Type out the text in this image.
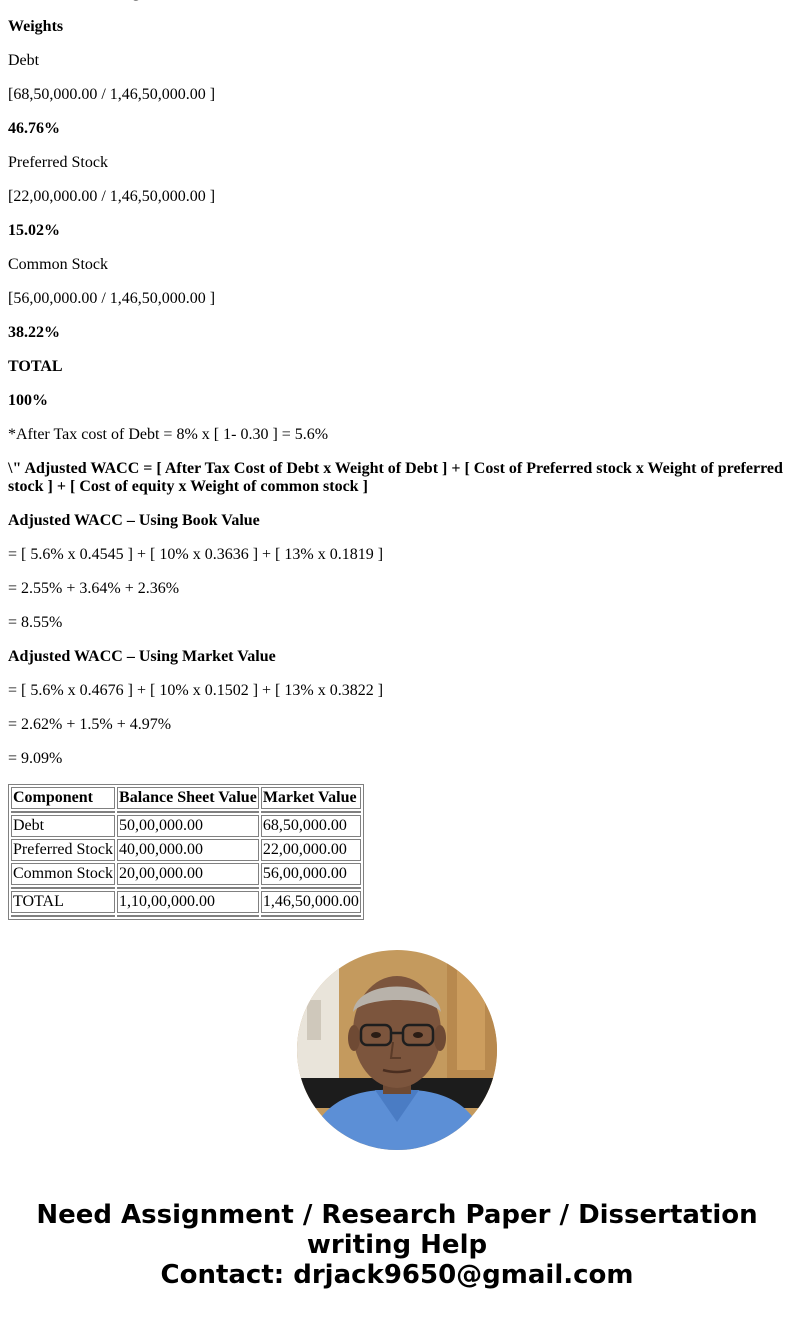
Weights

Debt

[68,50,000.00 / 1,46,50,000.00 ]

46.76%

Preferred Stock

[22,00,000.00 / 1,46,50,000.00 ]

15.02%

Common Stock

[56,00,000.00 / 1,46,50,000.00 ]

38.22%

TOTAL

100%

*After Tax cost of Debt = 8% x [ 1- 0.30 ] = 5.6%

\" Adjusted WACC = [ After Tax Cost of Debt x Weight of Debt ] + [ Cost of Preferred stock x Weight of preferred stock ] + [ Cost of equity x Weight of common stock ]

Adjusted WACC – Using Book Value

= [ 5.6% x 0.4545 ] + [ 10% x 0.3636 ] + [ 13% x 0.1819 ]

= 2.55% + 3.64% + 2.36%

= 8.55%

Adjusted WACC – Using Market Value

= [ 5.6% x 0.4676 ] + [ 10% x 0.1502 ] + [ 13% x 0.3822 ]

= 2.62% + 1.5% + 4.97%

= 9.09%

Component	Balance Sheet Value	Market Value

Debt	50,00,000.00	68,50,000.00
Preferred Stock	40,00,000.00	22,00,000.00
Common Stock	20,00,000.00	56,00,000.00

TOTAL	1,10,00,000.00	1,46,50,000.00

Need Assignment / Research Paper / Dissertation writing Help
Contact: drjack9650@gmail.com
